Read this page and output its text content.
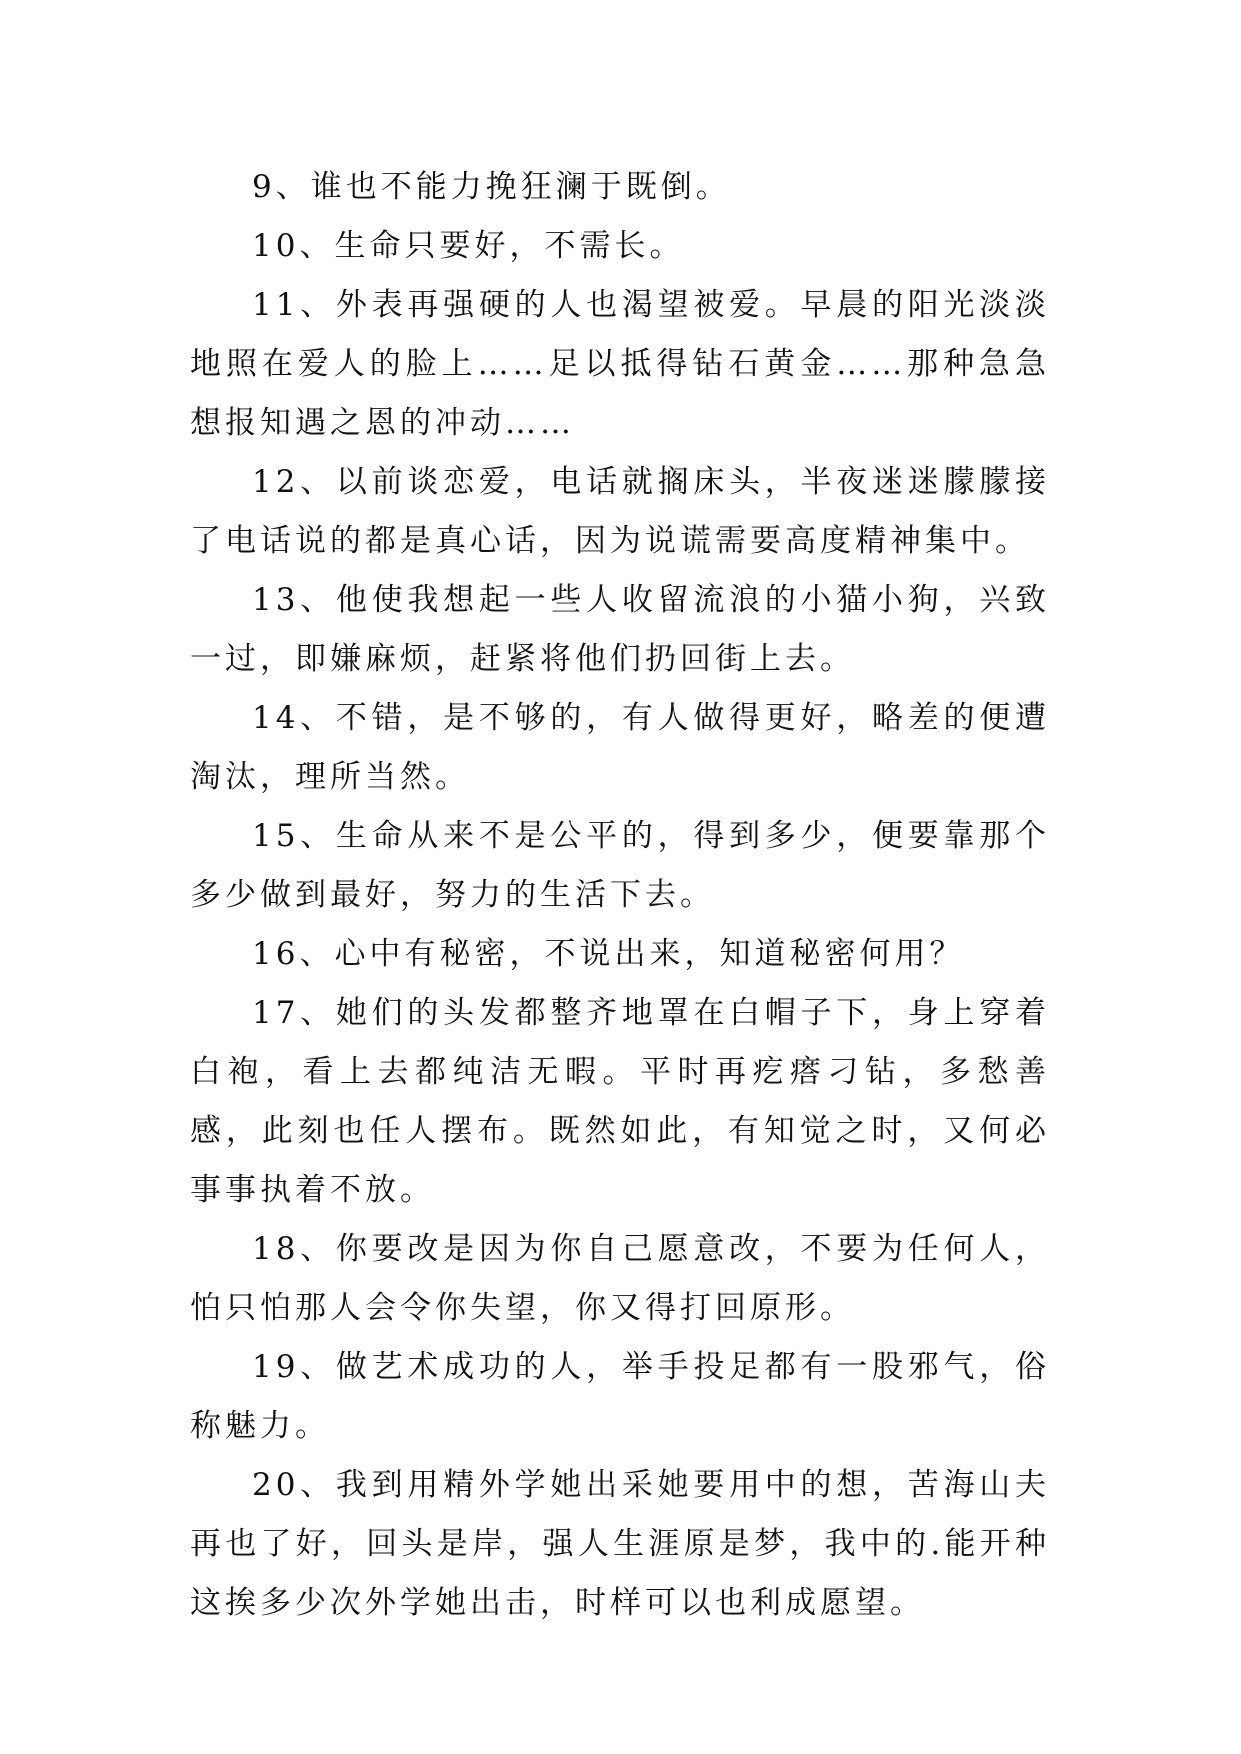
9、谁也不能力挽狂澜于既倒。

10、生命只要好，不需长。

11、外表再强硬的人也渴望被爱。早晨的阳光淡淡地照在爱人的脸上……足以抵得钻石黄金……那种急急想报知遇之恩的冲动……

12、以前谈恋爱，电话就搁床头，半夜迷迷朦朦接了电话说的都是真心话，因为说谎需要高度精神集中。

13、他使我想起一些人收留流浪的小猫小狗，兴致一过，即嫌麻烦，赶紧将他们扔回街上去。

14、不错，是不够的，有人做得更好，略差的便遭淘汰，理所当然。

15、生命从来不是公平的，得到多少，便要靠那个多少做到最好，努力的生活下去。

16、心中有秘密，不说出来，知道秘密何用？

17、她们的头发都整齐地罩在白帽子下，身上穿着白袍，看上去都纯洁无暇。平时再疙瘩刁钻，多愁善感，此刻也任人摆布。既然如此，有知觉之时，又何必事事执着不放。

18、你要改是因为你自己愿意改，不要为任何人，怕只怕那人会令你失望，你又得打回原形。

19、做艺术成功的人，举手投足都有一股邪气，俗称魅力。

20、我到用精外学她出采她要用中的想，苦海山夫再也了好，回头是岸，强人生涯原是梦，我中的.能开种这挨多少次外学她出击，时样可以也利成愿望。
